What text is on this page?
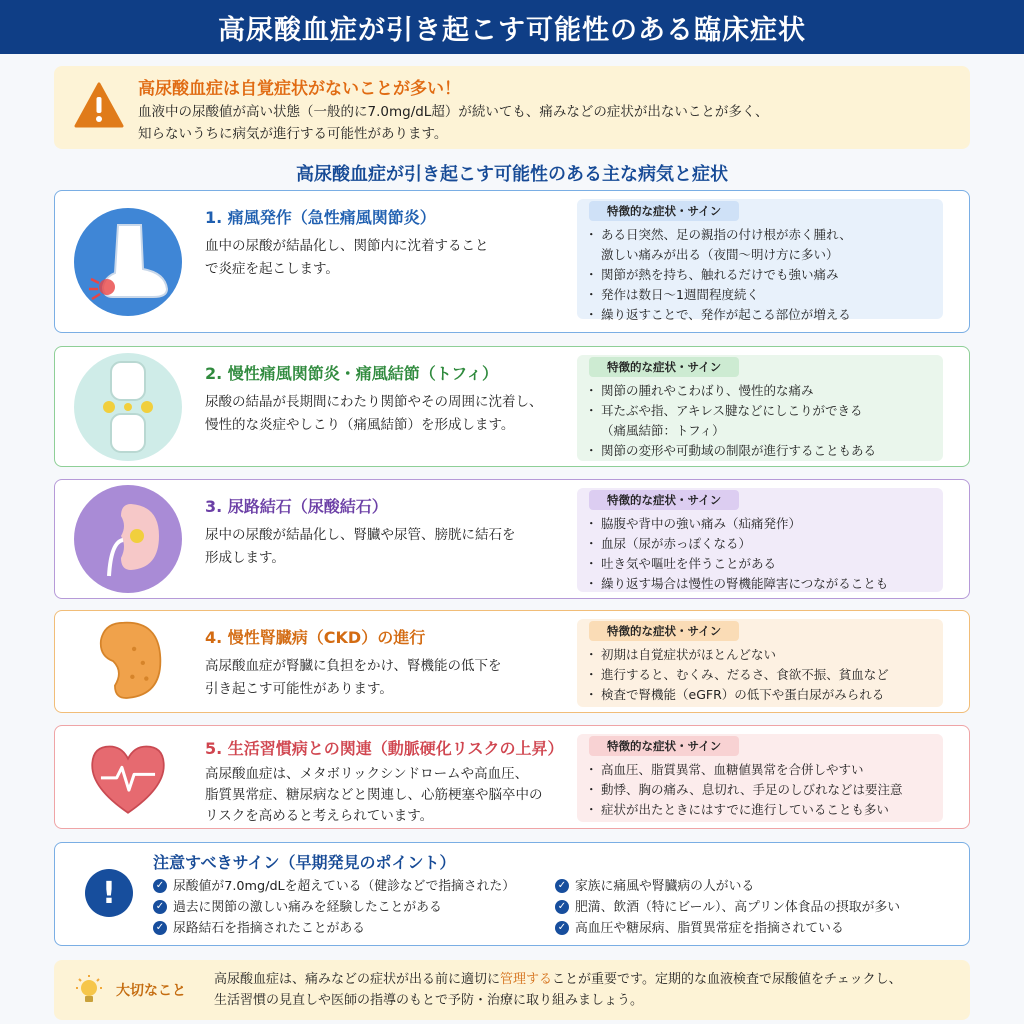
高尿酸血症が引き起こす可能性のある臨床症状
高尿酸血症は自覚症状がないことが多い！
血液中の尿酸値が高い状態（一般的に7.0mg/dL超）が続いても、痛みなどの症状が出ないことが多く、
知らないうちに病気が進行する可能性があります。
高尿酸血症が引き起こす可能性のある主な病気と症状
1. 痛風発作（急性痛風関節炎）
血中の尿酸が結晶化し、関節内に沈着すること
で炎症を起こします。
特徴的な症状・サイン
・ ある日突然、足の親指の付け根が赤く腫れ、
激しい痛みが出る（夜間〜明け方に多い）
・ 関節が熱を持ち、触れるだけでも強い痛み
・ 発作は数日〜1週間程度続く
・ 繰り返すことで、発作が起こる部位が増える
2. 慢性痛風関節炎・痛風結節（トフィ）
尿酸の結晶が長期間にわたり関節やその周囲に沈着し、
慢性的な炎症やしこり（痛風結節）を形成します。
特徴的な症状・サイン
・ 関節の腫れやこわばり、慢性的な痛み
・ 耳たぶや指、アキレス腱などにしこりができる
（痛風結節：トフィ）
・ 関節の変形や可動域の制限が進行することもある
3. 尿路結石（尿酸結石）
尿中の尿酸が結晶化し、腎臓や尿管、膀胱に結石を
形成します。
特徴的な症状・サイン
・ 脇腹や背中の強い痛み（疝痛発作）
・ 血尿（尿が赤っぽくなる）
・ 吐き気や嘔吐を伴うことがある
・ 繰り返す場合は慢性の腎機能障害につながることも
4. 慢性腎臓病（CKD）の進行
高尿酸血症が腎臓に負担をかけ、腎機能の低下を
引き起こす可能性があります。
特徴的な症状・サイン
・ 初期は自覚症状がほとんどない
・ 進行すると、むくみ、だるさ、食欲不振、貧血など
・ 検査で腎機能（eGFR）の低下や蛋白尿がみられる
5. 生活習慣病との関連（動脈硬化リスクの上昇）
高尿酸血症は、メタボリックシンドロームや高血圧、
脂質異常症、糖尿病などと関連し、心筋梗塞や脳卒中の
リスクを高めると考えられています。
特徴的な症状・サイン
・ 高血圧、脂質異常、血糖値異常を合併しやすい
・ 動悸、胸の痛み、息切れ、手足のしびれなどは要注意
・ 症状が出たときにはすでに進行していることも多い
!
注意すべきサイン（早期発見のポイント）
✓ 尿酸値が7.0mg/dLを超えている（健診などで指摘された）
✓ 過去に関節の激しい痛みを経験したことがある
✓ 尿路結石を指摘されたことがある
✓ 家族に痛風や腎臓病の人がいる
✓ 肥満、飲酒（特にビール）、高プリン体食品の摂取が多い
✓ 高血圧や糖尿病、脂質異常症を指摘されている
大切なこと
高尿酸血症は、痛みなどの症状が出る前に適切に管理することが重要です。定期的な血液検査で尿酸値をチェックし、
生活習慣の見直しや医師の指導のもとで予防・治療に取り組みましょう。
